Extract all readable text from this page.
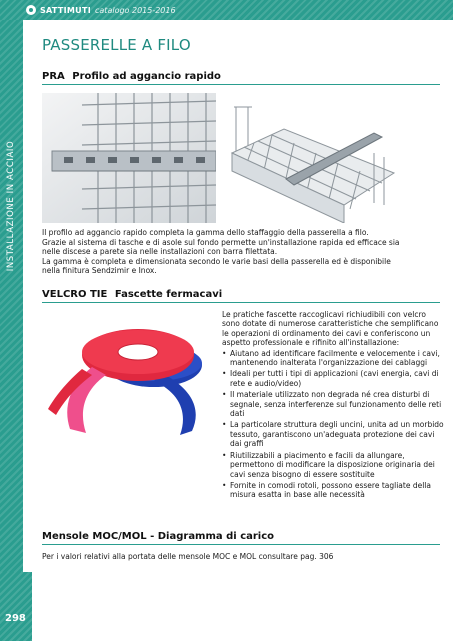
SATTIMUTI catalogo 2015-2016
INSTALLAZIONE IN ACCIAIO
298
PASSERELLE A FILO
PRA Profilo ad aggancio rapido

Il profilo ad aggancio rapido completa la gamma dello staffaggio della passerella a filo.

Grazie al sistema di tasche e di asole sul fondo permette un'installazione rapida ed efficace sia

nelle discese a parete sia nelle installazioni con barra filettata.

La gamma è completa e dimensionata secondo le varie basi della passerella ed è disponibile

nella finitura Sendzimir e Inox.

VELCRO TIE Fascette fermacavi

Le pratiche fascette raccoglicavi richiudibili con velcro sono dotate di numerose caratteristiche che semplificano le operazioni di ordinamento dei cavi e conferiscono un aspetto professionale e rifinito all'installazione:

• Aiutano ad identificare facilmente e velocemente i cavi, mantenendo inalterata l'organizzazione dei cablaggi
• Ideali per tutti i tipi di applicazioni (cavi energia, cavi di rete e audio/video)
• Il materiale utilizzato non degrada né crea disturbi di segnale, senza interferenze sul funzionamento delle reti dati
• La particolare struttura degli uncini, unita ad un morbido tessuto, garantiscono un'adeguata protezione dei cavi dai graffi
• Riutilizzabili a piacimento e facili da allungare, permettono di modificare la disposizione originaria dei cavi senza bisogno di essere sostituite
• Fornite in comodi rotoli, possono essere tagliate della misura esatta in base alle necessità
Mensole MOC/MOL - Diagramma di carico
Per i valori relativi alla portata delle mensole MOC e MOL consultare pag. 306
